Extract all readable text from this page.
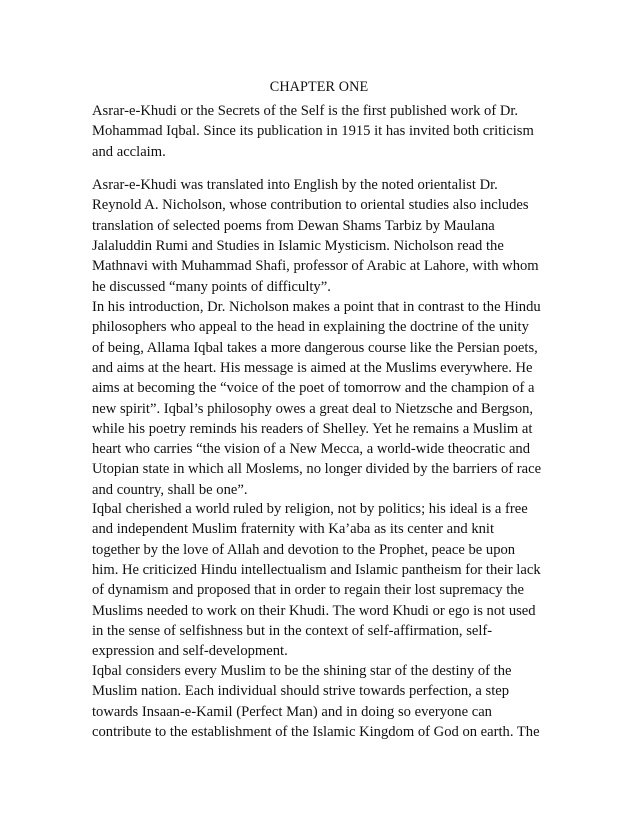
CHAPTER ONE
Asrar-e-Khudi or the Secrets of the Self is the first published work of Dr.
Mohammad Iqbal. Since its publication in 1915 it has invited both criticism
and acclaim.
Asrar-e-Khudi was translated into English by the noted orientalist Dr.
Reynold A. Nicholson, whose contribution to oriental studies also includes
translation of selected poems from Dewan Shams Tarbiz by Maulana
Jalaluddin Rumi and Studies in Islamic Mysticism. Nicholson read the
Mathnavi with Muhammad Shafi, professor of Arabic at Lahore, with whom
he discussed “many points of difficulty”.
In his introduction, Dr. Nicholson makes a point that in contrast to the Hindu
philosophers who appeal to the head in explaining the doctrine of the unity
of being, Allama Iqbal takes a more dangerous course like the Persian poets,
and aims at the heart. His message is aimed at the Muslims everywhere. He
aims at becoming the “voice of the poet of tomorrow and the champion of a
new spirit”. Iqbal’s philosophy owes a great deal to Nietzsche and Bergson,
while his poetry reminds his readers of Shelley. Yet he remains a Muslim at
heart who carries “the vision of a New Mecca, a world-wide theocratic and
Utopian state in which all Moslems, no longer divided by the barriers of race
and country, shall be one”.
Iqbal cherished a world ruled by religion, not by politics; his ideal is a free
and independent Muslim fraternity with Ka’aba as its center and knit
together by the love of Allah and devotion to the Prophet, peace be upon
him. He criticized Hindu intellectualism and Islamic pantheism for their lack
of dynamism and proposed that in order to regain their lost supremacy the
Muslims needed to work on their Khudi. The word Khudi or ego is not used
in the sense of selfishness but in the context of self-affirmation, self-
expression and self-development.
Iqbal considers every Muslim to be the shining star of the destiny of the
Muslim nation. Each individual should strive towards perfection, a step
towards Insaan-e-Kamil (Perfect Man) and in doing so everyone can
contribute to the establishment of the Islamic Kingdom of God on earth. The
